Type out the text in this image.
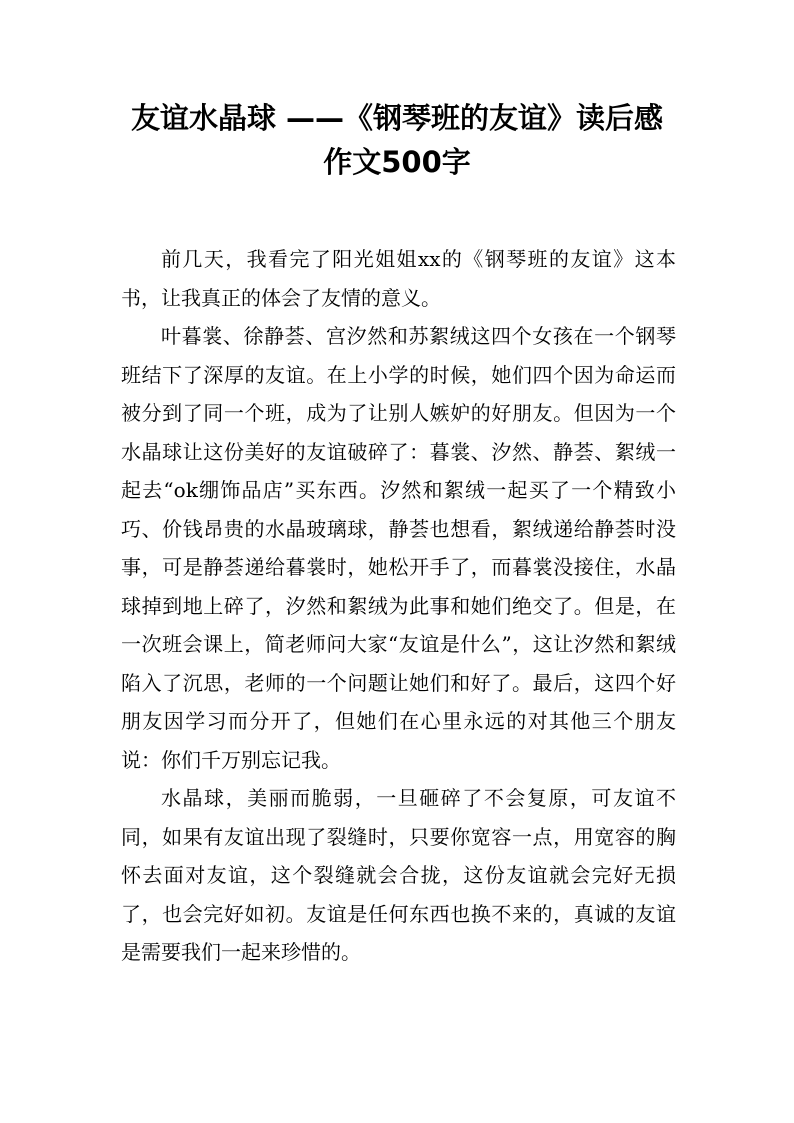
友谊水晶球 ——《钢琴班的友谊》读后感
作文500字

前几天，我看完了阳光姐姐xx的《钢琴班的友谊》这本书，让我真正的体会了友情的意义。

叶暮裳、徐静荟、宫汐然和苏絮绒这四个女孩在一个钢琴班结下了深厚的友谊。在上小学的时候，她们四个因为命运而被分到了同一个班，成为了让别人嫉妒的好朋友。但因为一个水晶球让这份美好的友谊破碎了：暮裳、汐然、静荟、絮绒一起去“ok绷饰品店”买东西。汐然和絮绒一起买了一个精致小巧、价钱昂贵的水晶玻璃球，静荟也想看，絮绒递给静荟时没事，可是静荟递给暮裳时，她松开手了，而暮裳没接住，水晶球掉到地上碎了，汐然和絮绒为此事和她们绝交了。但是，在一次班会课上，简老师问大家“友谊是什么”，这让汐然和絮绒陷入了沉思，老师的一个问题让她们和好了。最后，这四个好朋友因学习而分开了，但她们在心里永远的对其他三个朋友说：你们千万别忘记我。

水晶球，美丽而脆弱，一旦砸碎了不会复原，可友谊不同，如果有友谊出现了裂缝时，只要你宽容一点，用宽容的胸怀去面对友谊，这个裂缝就会合拢，这份友谊就会完好无损了，也会完好如初。友谊是任何东西也换不来的，真诚的友谊是需要我们一起来珍惜的。
